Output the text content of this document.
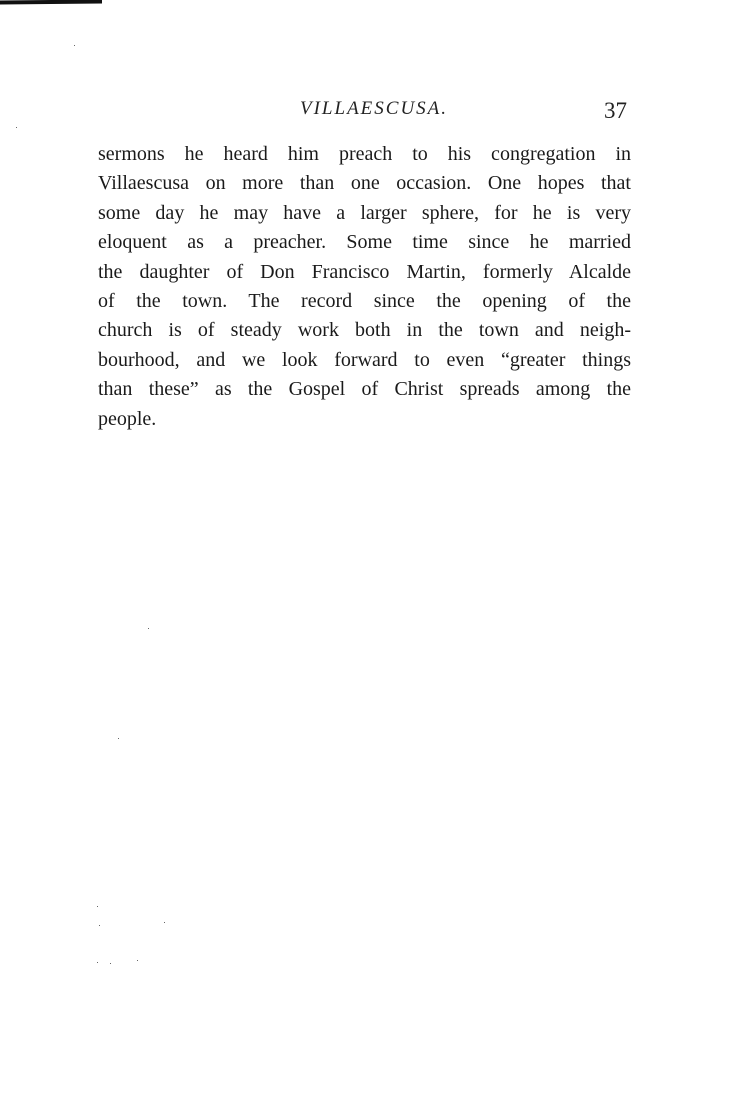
VILLAESCUSA.	37

sermons he heard him preach to his congregation in
Villaescusa on more than one occasion. One hopes that
some day he may have a larger sphere, for he is very
eloquent as a preacher. Some time since he married
the daughter of Don Francisco Martin, formerly Alcalde
of the town. The record since the opening of the
church is of steady work both in the town and neigh-
bourhood, and we look forward to even “greater things
than these” as the Gospel of Christ spreads among the
people.
